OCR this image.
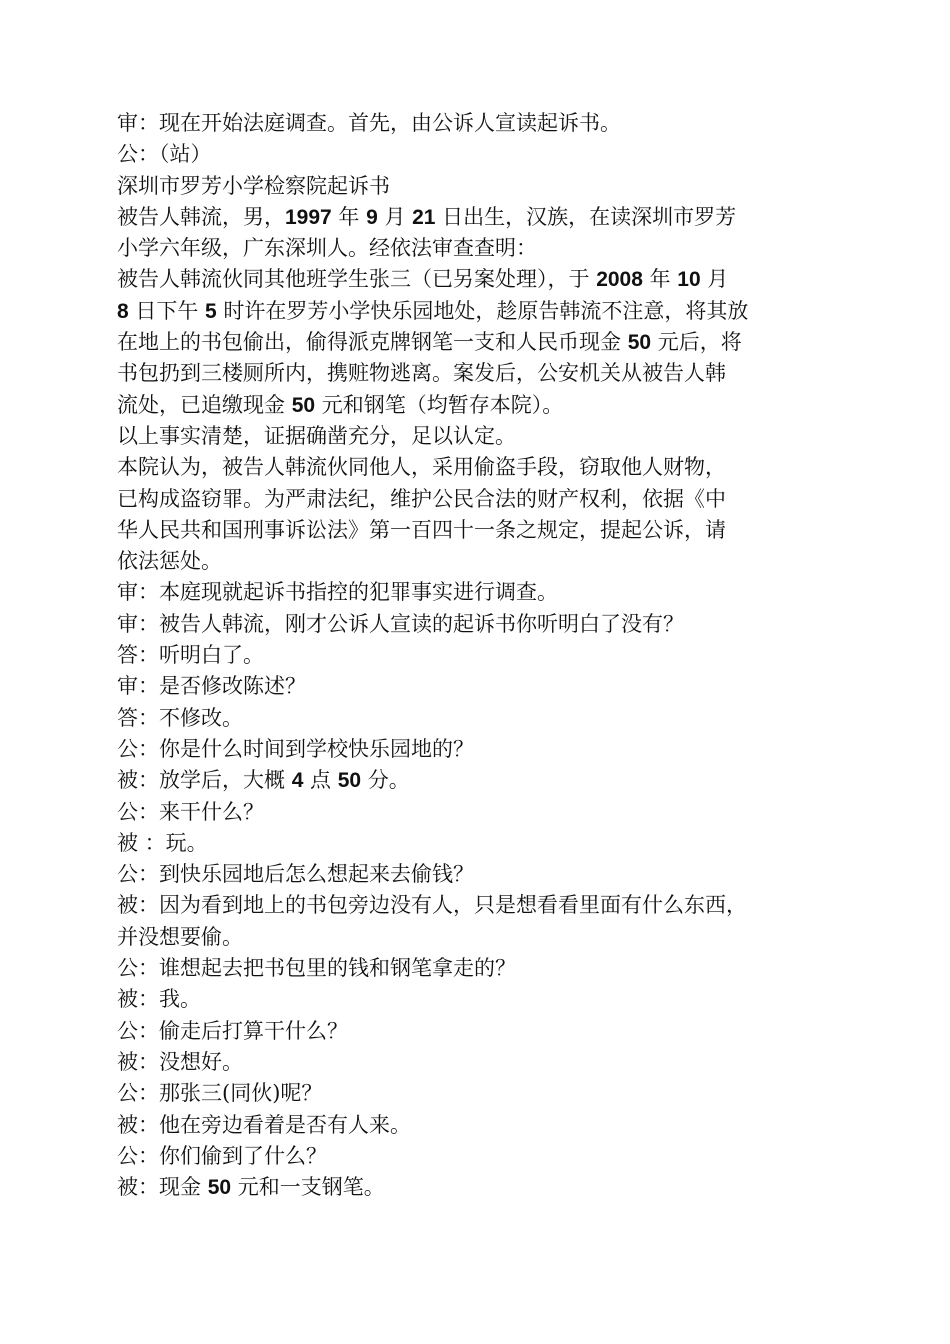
审：现在开始法庭调查。首先，由公诉人宣读起诉书。
公：（站）
深圳市罗芳小学检察院起诉书
被告人韩流，男，1997 年 9 月 21 日出生，汉族，在读深圳市罗芳
小学六年级，广东深圳人。经依法审查查明：
被告人韩流伙同其他班学生张三（已另案处理），于 2008 年 10 月
8 日下午 5 时许在罗芳小学快乐园地处，趁原告韩流不注意，将其放
在地上的书包偷出，偷得派克牌钢笔一支和人民币现金 50 元后，将
书包扔到三楼厕所内，携赃物逃离。案发后，公安机关从被告人韩
流处，已追缴现金 50 元和钢笔（均暂存本院）。
以上事实清楚，证据确凿充分，足以认定。
本院认为，被告人韩流伙同他人，采用偷盗手段，窃取他人财物，
已构成盗窃罪。为严肃法纪，维护公民合法的财产权利，依据《中
华人民共和国刑事诉讼法》第一百四十一条之规定，提起公诉，请
依法惩处。
审：本庭现就起诉书指控的犯罪事实进行调查。
审：被告人韩流，刚才公诉人宣读的起诉书你听明白了没有？
答：听明白了。
审：是否修改陈述？
答：不修改。
公：你是什么时间到学校快乐园地的？
被：放学后，大概 4 点 50 分。
公：来干什么？
被 ：玩。
公：到快乐园地后怎么想起来去偷钱？
被：因为看到地上的书包旁边没有人，只是想看看里面有什么东西，
并没想要偷。
公：谁想起去把书包里的钱和钢笔拿走的？
被：我。
公：偷走后打算干什么？
被：没想好。
公：那张三(同伙)呢？
被：他在旁边看着是否有人来。
公：你们偷到了什么？
被：现金 50 元和一支钢笔。
